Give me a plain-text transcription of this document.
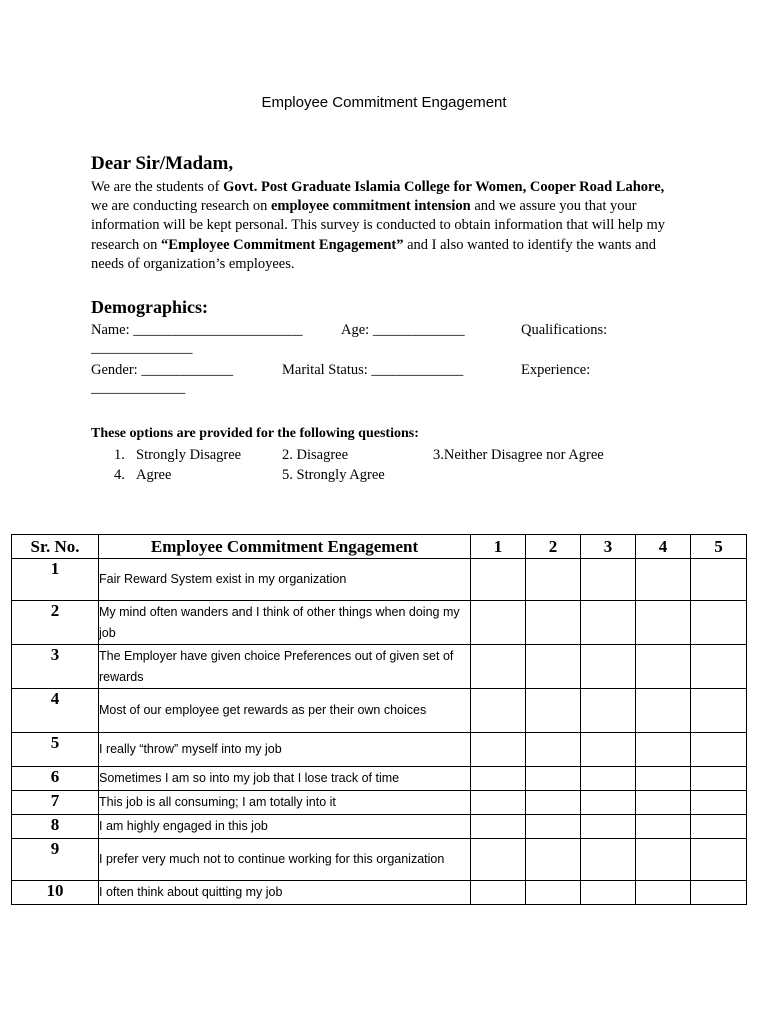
Employee Commitment Engagement
Dear Sir/Madam,
We are the students of Govt. Post Graduate Islamia College for Women, Cooper Road Lahore, we are conducting research on employee commitment intension and we assure you that your information will be kept personal. This survey is conducted to obtain information that will help my research on “Employee Commitment Engagement” and I also wanted to identify the wants and needs of organization’s employees.
Demographics:
Name: ________________________	Age: _____________	Qualifications:
______________
Gender: _____________	Marital Status: _____________	Experience:
_____________
These options are provided for the following questions:
1. Strongly Disagree	2. Disagree	3.Neither Disagree nor Agree
4. Agree	5. Strongly Agree
Sr. No.	Employee Commitment Engagement	1	2	3	4	5
1	Fair Reward System exist in my organization					
2	My mind often wanders and I think of other things when doing my job					
3	The Employer have given choice Preferences out of given set of rewards					
4	Most of our employee get rewards as per their own choices					
5	I really “throw” myself into my job					
6	Sometimes I am so into my job that I lose track of time					
7	This job is all consuming; I am totally into it					
8	I am highly engaged in this job					
9	I prefer very much not to continue working for this organization					
10	I often think about quitting my job					
